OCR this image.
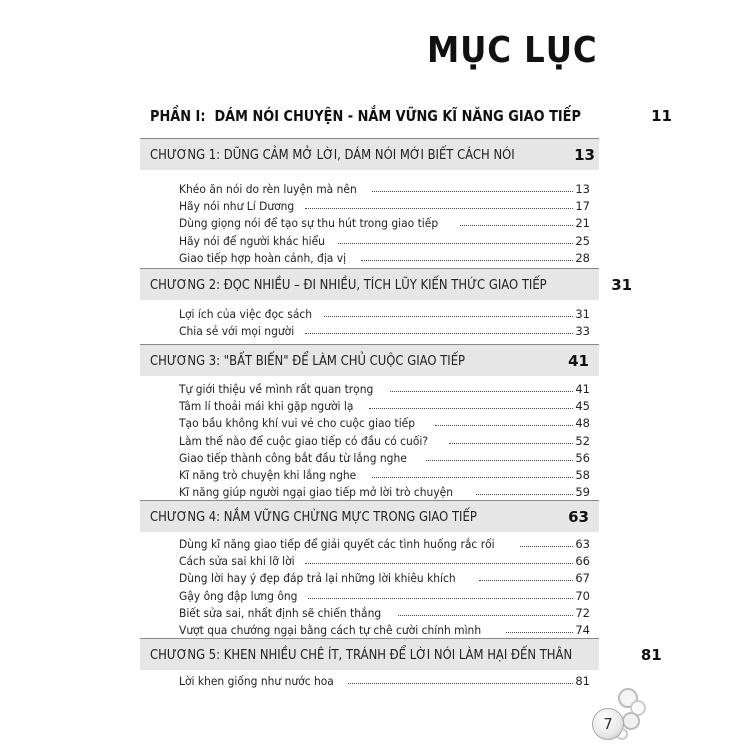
MỤC LỤC
PHẦN I: DÁM NÓI CHUYỆN - NẮM VỮNG KĨ NĂNG GIAO TIẾP	11
CHƯƠNG 1: DŨNG CẢM MỞ LỜI, DÁM NÓI MỚI BIẾT CÁCH NÓI	13
Khéo ăn nói do rèn luyện mà nên	13
Hãy nói như Lí Dương	17
Dùng giọng nói để tạo sự thu hút trong giao tiếp	21
Hãy nói để người khác hiểu	25
Giao tiếp hợp hoàn cảnh, địa vị	28
CHƯƠNG 2: ĐỌC NHIỀU – ĐI NHIỀU, TÍCH LŨY KIẾN THỨC GIAO TIẾP	31
Lợi ích của việc đọc sách	31
Chia sẻ với mọi người	33
CHƯƠNG 3: "BẤT BIẾN" ĐỂ LÀM CHỦ CUỘC GIAO TIẾP	41
Tự giới thiệu về mình rất quan trọng	41
Tâm lí thoải mái khi gặp người lạ	45
Tạo bầu không khí vui vẻ cho cuộc giao tiếp	48
Làm thế nào để cuộc giao tiếp có đầu có cuối?	52
Giao tiếp thành công bắt đầu từ lắng nghe	56
Kĩ năng trò chuyện khi lắng nghe	58
Kĩ năng giúp người ngại giao tiếp mở lời trò chuyện	59
CHƯƠNG 4: NẮM VỮNG CHỪNG MỰC TRONG GIAO TIẾP	63
Dùng kĩ năng giao tiếp để giải quyết các tình huống rắc rối	63
Cách sửa sai khi lỡ lời	66
Dùng lời hay ý đẹp đáp trả lại những lời khiêu khích	67
Gậy ông đập lưng ông	70
Biết sửa sai, nhất định sẽ chiến thắng	72
Vượt qua chướng ngại bằng cách tự chê cười chính mình	74
CHƯƠNG 5: KHEN NHIỀU CHÊ ÍT, TRÁNH ĐỂ LỜI NÓI LÀM HẠI ĐẾN THÂN	81
Lời khen giống như nước hoa	81
7
